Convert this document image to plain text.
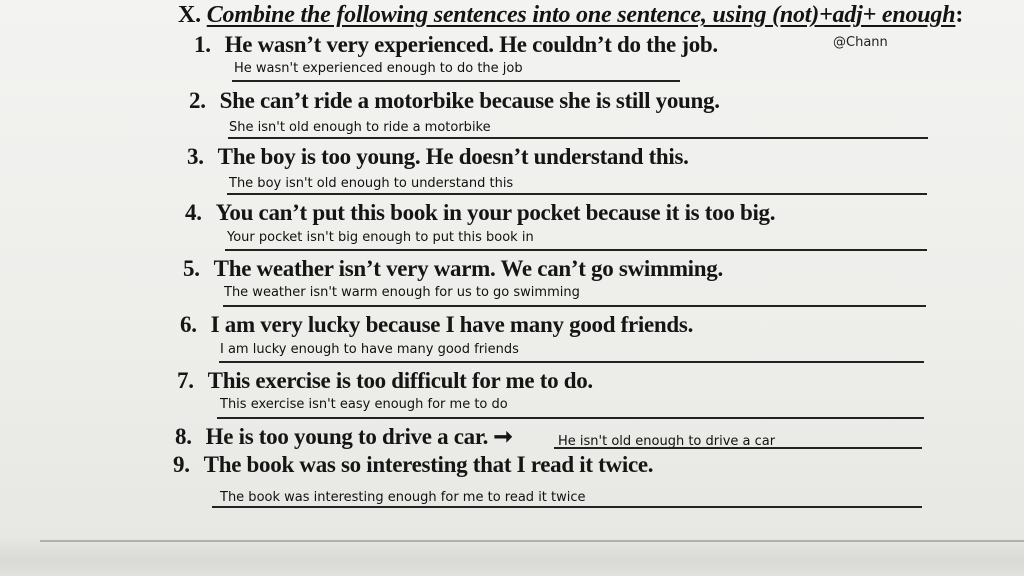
X. Combine the following sentences into one sentence, using (not)+adj+ enough:
@Chann
1. He wasn’t very experienced. He couldn’t do the job.
He wasn't experienced enough to do the job
2. She can’t ride a motorbike because she is still young.
She isn't old enough to ride a motorbike
3. The boy is too young. He doesn’t understand this.
The boy isn't old enough to understand this
4. You can’t put this book in your pocket because it is too big.
Your pocket isn't big enough to put this book in
5. The weather isn’t very warm. We can’t go swimming.
The weather isn't warm enough for us to go swimming
6. I am very lucky because I have many good friends.
I am lucky enough to have many good friends
7. This exercise is too difficult for me to do.
This exercise isn't easy enough for me to do
8. He is too young to drive a car. ➞	He isn't old enough to drive a car
9. The book was so interesting that I read it twice.
The book was interesting enough for me to read it twice
